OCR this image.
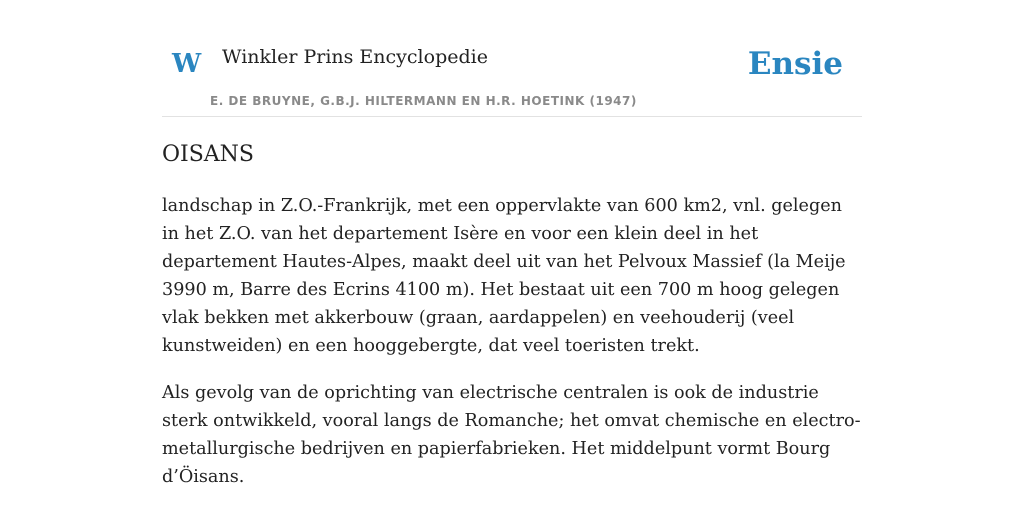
W Winkler Prins Encyclopedie
E. DE BRUYNE, G.B.J. HILTERMANN EN H.R. HOETINK (1947)
Ensie
OISANS

landschap in Z.O.-Frankrijk, met een oppervlakte van 600 km2, vnl. gelegen in het Z.O. van het departement Isère en voor een klein deel in het departement Hautes-Alpes, maakt deel uit van het Pelvoux Massief (la Meije 3990 m, Barre des Ecrins 4100 m). Het bestaat uit een 700 m hoog gelegen vlak bekken met akkerbouw (graan, aardappelen) en veehouderij (veel kunstweiden) en een hooggebergte, dat veel toeristen trekt.

Als gevolg van de oprichting van electrische centralen is ook de industrie sterk ontwikkeld, vooral langs de Romanche; het omvat chemische en electro-metallurgische bedrijven en papierfabrieken. Het middelpunt vormt Bourg d’Öisans.
